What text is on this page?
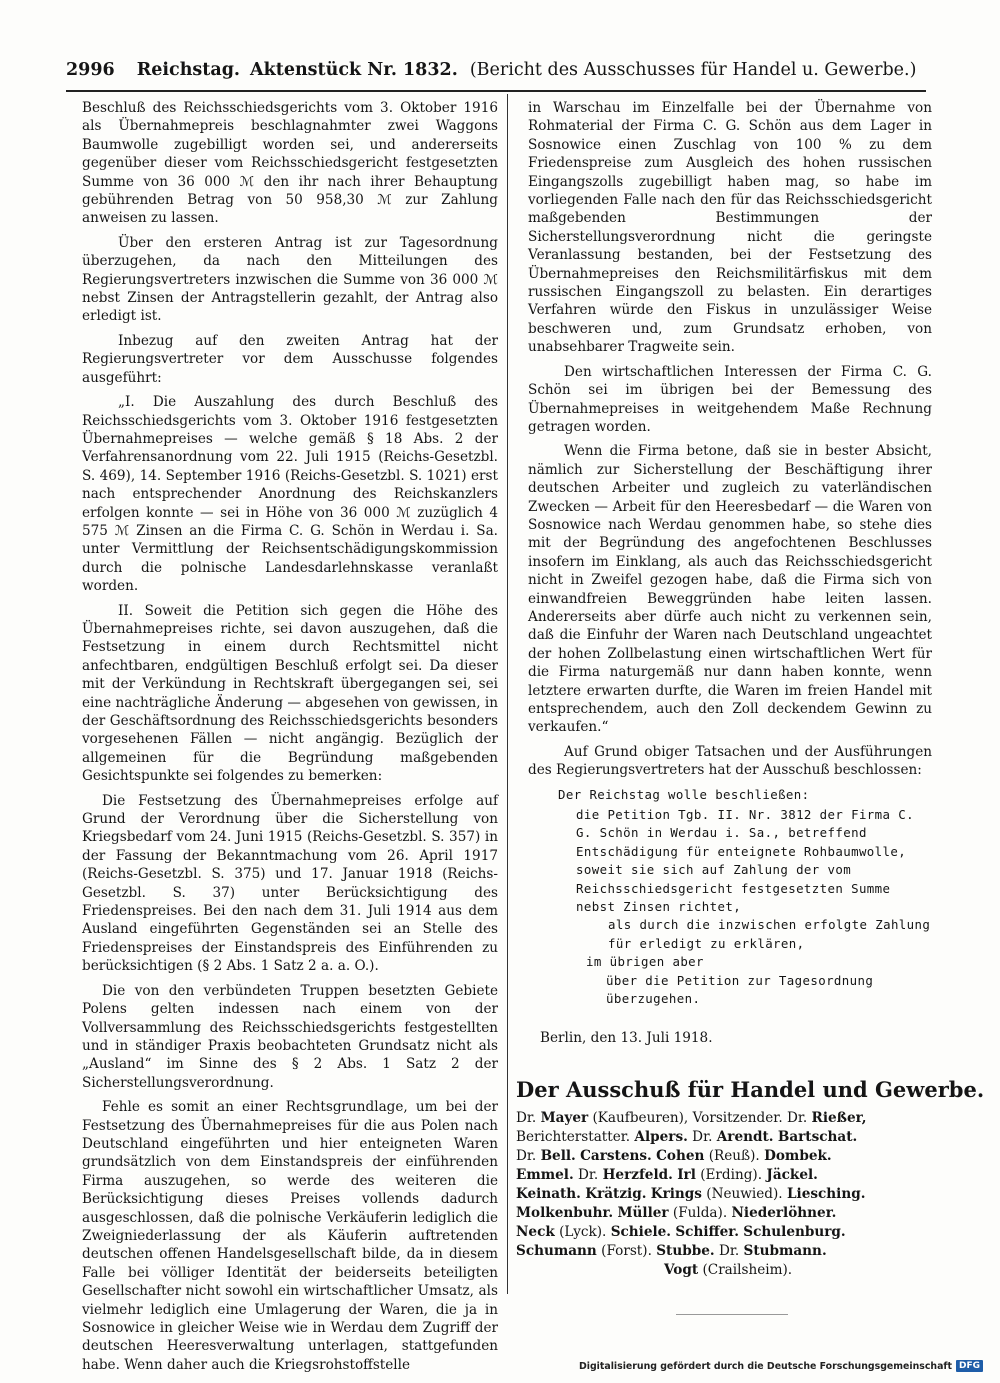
2996 Reichstag. Aktenstück Nr. 1832. (Bericht des Ausschusses für Handel u. Gewerbe.)

Beschluß des Reichsschiedsgerichts vom 3. Oktober 1916 als Übernahmepreis beschlagnahmter zwei Waggons Baumwolle zugebilligt worden sei, und andererseits gegenüber dieser vom Reichsschiedsgericht festgesetzten Summe von 36 000 ℳ den ihr nach ihrer Behauptung gebührenden Betrag von 50 958,30 ℳ zur Zahlung anweisen zu lassen.

Über den ersteren Antrag ist zur Tagesordnung überzugehen, da nach den Mitteilungen des Regierungsvertreters inzwischen die Summe von 36 000 ℳ nebst Zinsen der Antragstellerin gezahlt, der Antrag also erledigt ist.

Inbezug auf den zweiten Antrag hat der Regierungsvertreter vor dem Ausschusse folgendes ausgeführt:

„I. Die Auszahlung des durch Beschluß des Reichsschiedsgerichts vom 3. Oktober 1916 festgesetzten Übernahmepreises — welche gemäß § 18 Abs. 2 der Verfahrensanordnung vom 22. Juli 1915 (Reichs-Gesetzbl. S. 469), 14. September 1916 (Reichs-Gesetzbl. S. 1021) erst nach entsprechender Anordnung des Reichskanzlers erfolgen konnte — sei in Höhe von 36 000 ℳ zuzüglich 4 575 ℳ Zinsen an die Firma C. G. Schön in Werdau i. Sa. unter Vermittlung der Reichsentschädigungskommission durch die polnische Landesdarlehnskasse veranlaßt worden.

II. Soweit die Petition sich gegen die Höhe des Übernahmepreises richte, sei davon auszugehen, daß die Festsetzung in einem durch Rechtsmittel nicht anfechtbaren, endgültigen Beschluß erfolgt sei. Da dieser mit der Verkündung in Rechtskraft übergegangen sei, sei eine nachträgliche Änderung — abgesehen von gewissen, in der Geschäftsordnung des Reichsschiedsgerichts besonders vorgesehenen Fällen — nicht angängig. Bezüglich der allgemeinen für die Begründung maßgebenden Gesichtspunkte sei folgendes zu bemerken:

Die Festsetzung des Übernahmepreises erfolge auf Grund der Verordnung über die Sicherstellung von Kriegsbedarf vom 24. Juni 1915 (Reichs-Gesetzbl. S. 357) in der Fassung der Bekanntmachung vom 26. April 1917 (Reichs-Gesetzbl. S. 375) und 17. Januar 1918 (Reichs-Gesetzbl. S. 37) unter Berücksichtigung des Friedenspreises. Bei den nach dem 31. Juli 1914 aus dem Ausland eingeführten Gegenständen sei an Stelle des Friedenspreises der Einstandspreis des Einführenden zu berücksichtigen (§ 2 Abs. 1 Satz 2 a. a. O.).

Die von den verbündeten Truppen besetzten Gebiete Polens gelten indessen nach einem von der Vollversammlung des Reichsschiedsgerichts festgestellten und in ständiger Praxis beobachteten Grundsatz nicht als „Ausland“ im Sinne des § 2 Abs. 1 Satz 2 der Sicherstellungsverordnung.

Fehle es somit an einer Rechtsgrundlage, um bei der Festsetzung des Übernahmepreises für die aus Polen nach Deutschland eingeführten und hier enteigneten Waren grundsätzlich von dem Einstandspreis der einführenden Firma auszugehen, so werde des weiteren die Berücksichtigung dieses Preises vollends dadurch ausgeschlossen, daß die polnische Verkäuferin lediglich die Zweigniederlassung der als Käuferin auftretenden deutschen offenen Handelsgesellschaft bilde, da in diesem Falle bei völliger Identität der beiderseits beteiligten Gesellschafter nicht sowohl ein wirtschaftlicher Umsatz, als vielmehr lediglich eine Umlagerung der Waren, die ja in Sosnowice in gleicher Weise wie in Werdau dem Zugriff der deutschen Heeresverwaltung unterlagen, stattgefunden habe. Wenn daher auch die Kriegsrohstoffstelle

in Warschau im Einzelfalle bei der Übernahme von Rohmaterial der Firma C. G. Schön aus dem Lager in Sosnowice einen Zuschlag von 100 % zu dem Friedenspreise zum Ausgleich des hohen russischen Eingangszolls zugebilligt haben mag, so habe im vorliegenden Falle nach den für das Reichsschiedsgericht maßgebenden Bestimmungen der Sicherstellungsverordnung nicht die geringste Veranlassung bestanden, bei der Festsetzung des Übernahmepreises den Reichsmilitärfiskus mit dem russischen Eingangszoll zu belasten. Ein derartiges Verfahren würde den Fiskus in unzulässiger Weise beschweren und, zum Grundsatz erhoben, von unabsehbarer Tragweite sein.

Den wirtschaftlichen Interessen der Firma C. G. Schön sei im übrigen bei der Bemessung des Übernahmepreises in weitgehendem Maße Rechnung getragen worden.

Wenn die Firma betone, daß sie in bester Absicht, nämlich zur Sicherstellung der Beschäftigung ihrer deutschen Arbeiter und zugleich zu vaterländischen Zwecken — Arbeit für den Heeresbedarf — die Waren von Sosnowice nach Werdau genommen habe, so stehe dies mit der Begründung des angefochtenen Beschlusses insofern im Einklang, als auch das Reichsschiedsgericht nicht in Zweifel gezogen habe, daß die Firma sich von einwandfreien Beweggründen habe leiten lassen. Andererseits aber dürfe auch nicht zu verkennen sein, daß die Einfuhr der Waren nach Deutschland ungeachtet der hohen Zollbelastung einen wirtschaftlichen Wert für die Firma naturgemäß nur dann haben konnte, wenn letztere erwarten durfte, die Waren im freien Handel mit entsprechendem, auch den Zoll deckendem Gewinn zu verkaufen.“

Auf Grund obiger Tatsachen und der Ausführungen des Regierungsvertreters hat der Ausschuß beschlossen:

Der Reichstag wolle beschließen:
die Petition Tgb. II. Nr. 3812 der Firma C. G. Schön in Werdau i. Sa., betreffend Entschädigung für enteignete Rohbaumwolle, soweit sie sich auf Zahlung der vom Reichsschiedsgericht festgesetzten Summe nebst Zinsen richtet,
als durch die inzwischen erfolgte Zahlung für erledigt zu erklären,
im übrigen aber
über die Petition zur Tagesordnung überzugehen.
Berlin, den 13. Juli 1918.
Der Ausschuß für Handel und Gewerbe.
Dr. Mayer (Kaufbeuren), Vorsitzender. Dr. Rießer,
Berichterstatter. Alpers. Dr. Arendt. Bartschat.
Dr. Bell. Carstens. Cohen (Reuß). Dombek.
Emmel. Dr. Herzfeld. Irl (Erding). Jäckel.
Keinath. Krätzig. Krings (Neuwied). Liesching.
Molkenbuhr. Müller (Fulda). Niederlöhner.
Neck (Lyck). Schiele. Schiffer. Schulenburg.
Schumann (Forst). Stubbe. Dr. Stubmann.
Vogt (Crailsheim).
Digitalisierung gefördert durch die Deutsche Forschungsgemeinschaft DFG
